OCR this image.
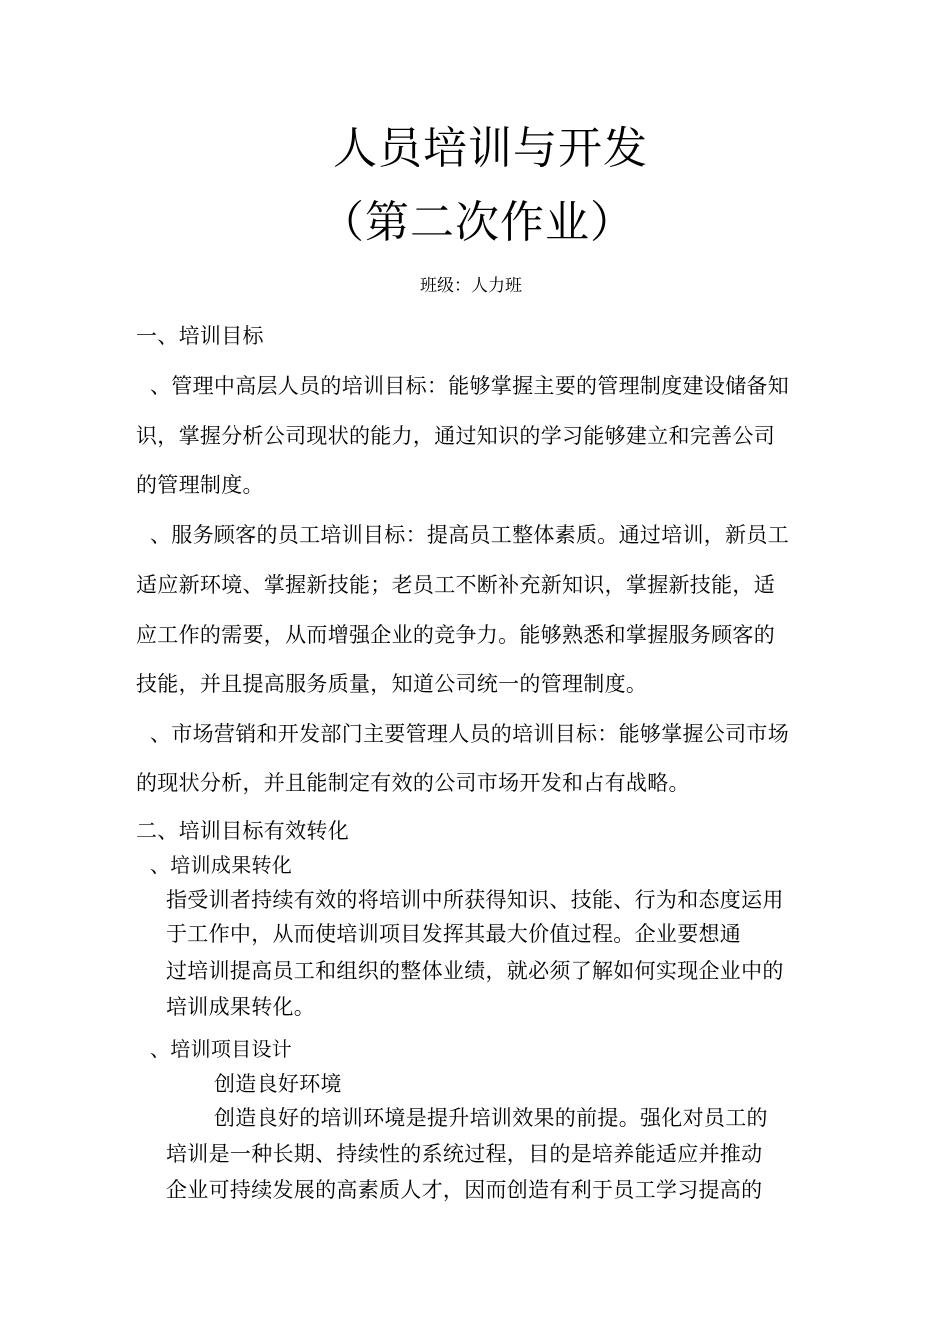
人员培训与开发
（第二次作业）
班级：人力班
一、培训目标
、管理中高层人员的培训目标：能够掌握主要的管理制度建设储备知
识，掌握分析公司现状的能力，通过知识的学习能够建立和完善公司
的管理制度。
、服务顾客的员工培训目标：提高员工整体素质。通过培训，新员工
适应新环境、掌握新技能；老员工不断补充新知识，掌握新技能，适
应工作的需要，从而增强企业的竞争力。能够熟悉和掌握服务顾客的
技能，并且提高服务质量，知道公司统一的管理制度。
、市场营销和开发部门主要管理人员的培训目标：能够掌握公司市场
的现状分析，并且能制定有效的公司市场开发和占有战略。
二、培训目标有效转化
、培训成果转化
指受训者持续有效的将培训中所获得知识、技能、行为和态度运用
于工作中，从而使培训项目发挥其最大价值过程。企业要想通
过培训提高员工和组织的整体业绩，就必须了解如何实现企业中的
培训成果转化。
、培训项目设计
创造良好环境
创造良好的培训环境是提升培训效果的前提。强化对员工的
培训是一种长期、持续性的系统过程，目的是培养能适应并推动
企业可持续发展的高素质人才，因而创造有利于员工学习提高的
